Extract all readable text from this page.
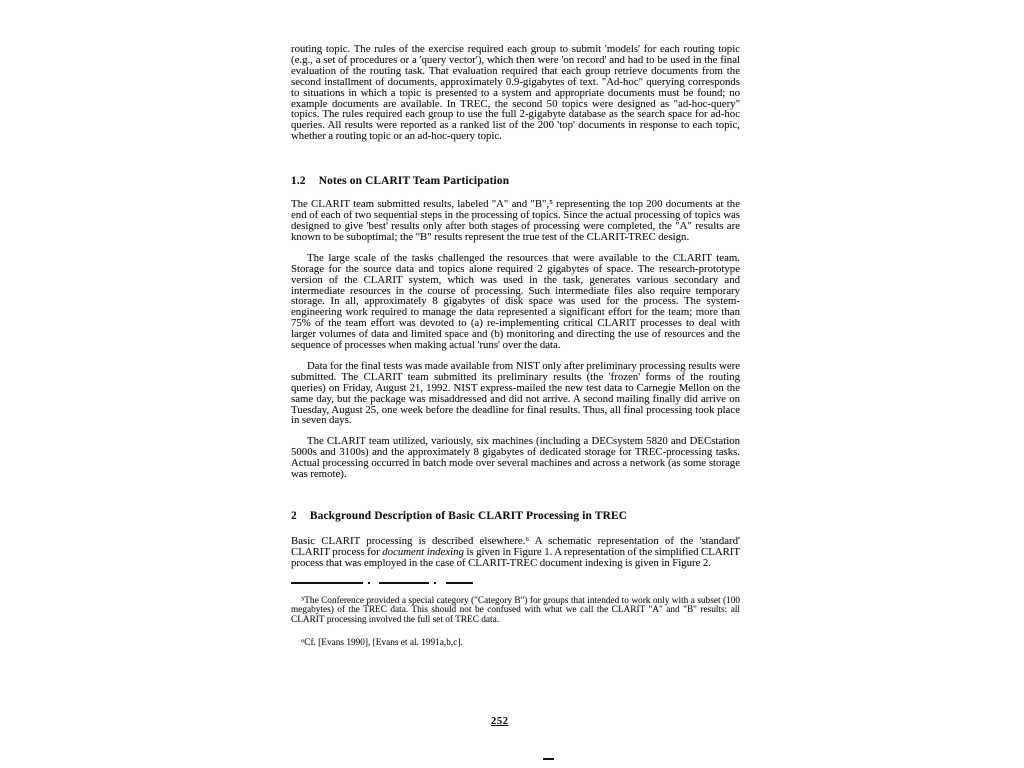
routing topic. The rules of the exercise required each group to submit 'models' for each routing topic (e.g., a set of procedures or a 'query vector'), which then were 'on record' and had to be used in the final evaluation of the routing task. That evaluation required that each group retrieve documents from the second installment of documents, approximately 0.9-gigabytes of text. "Ad-hoc" querying corresponds to situations in which a topic is presented to a system and appropriate documents must be found; no example documents are available. In TREC, the second 50 topics were designed as "ad-hoc-query" topics. The rules required each group to use the full 2-gigabyte database as the search space for ad-hoc queries. All results were reported as a ranked list of the 200 'top' documents in response to each topic, whether a routing topic or an ad-hoc-query topic.

1.2 Notes on CLARIT Team Participation

The CLARIT team submitted results, labeled "A" and "B",⁵ representing the top 200 documents at the end of each of two sequential steps in the processing of topics. Since the actual processing of topics was designed to give 'best' results only after both stages of processing were completed, the "A" results are known to be suboptimal; the "B" results represent the true test of the CLARIT-TREC design.

The large scale of the tasks challenged the resources that were available to the CLARIT team. Storage for the source data and topics alone required 2 gigabytes of space. The research-prototype version of the CLARIT system, which was used in the task, generates various secondary and intermediate resources in the course of processing. Such intermediate files also require temporary storage. In all, approximately 8 gigabytes of disk space was used for the process. The system-engineering work required to manage the data represented a significant effort for the team; more than 75% of the team effort was devoted to (a) re-implementing critical CLARIT processes to deal with larger volumes of data and limited space and (b) monitoring and directing the use of resources and the sequence of processes when making actual 'runs' over the data.

Data for the final tests was made available from NIST only after preliminary processing results were submitted. The CLARIT team submitted its preliminary results (the 'frozen' forms of the routing queries) on Friday, August 21, 1992. NIST express-mailed the new test data to Carnegie Mellon on the same day, but the package was misaddressed and did not arrive. A second mailing finally did arrive on Tuesday, August 25, one week before the deadline for final results. Thus, all final processing took place in seven days.

The CLARIT team utilized, variously, six machines (including a DECsystem 5820 and DECstation 5000s and 3100s) and the approximately 8 gigabytes of dedicated storage for TREC-processing tasks. Actual processing occurred in batch mode over several machines and across a network (as some storage was remote).

2 Background Description of Basic CLARIT Processing in TREC

Basic CLARIT processing is described elsewhere.⁶ A schematic representation of the 'standard' CLARIT process for document indexing is given in Figure 1. A representation of the simplified CLARIT process that was employed in the case of CLARIT-TREC document indexing is given in Figure 2.

⁵The Conference provided a special category ("Category B") for groups that intended to work only with a subset (100 megabytes) of the TREC data. This should not be confused with what we call the CLARIT "A" and "B" results: all CLARIT processing involved the full set of TREC data.

⁶Cf. [Evans 1990], [Evans et al. 1991a,b,c].

252
